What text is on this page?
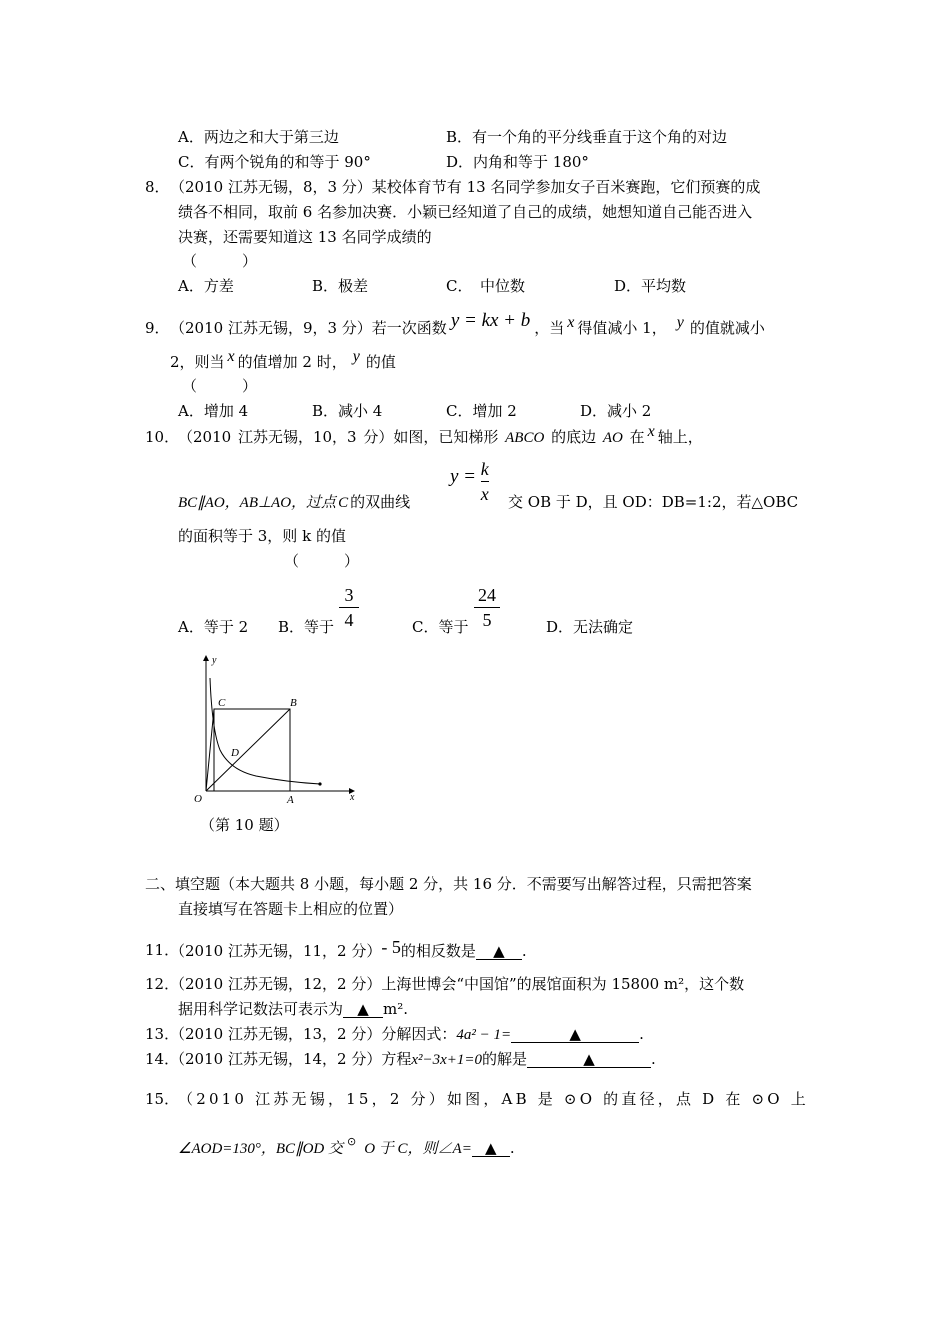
A．两边之和大于第三边	B．有一个角的平分线垂直于这个角的对边
C．有两个锐角的和等于 90°	D．内角和等于 180°
8． （2010 江苏无锡，8，3 分）某校体育节有 13 名同学参加女子百米赛跑，它们预赛的成
绩各不相同，取前 6 名参加决赛．小颖已经知道了自己的成绩，她想知道自己能否进入
决赛，还需要知道这 13 名同学成绩的
（　　　）
A．方差	B．极差	C．　中位数	D．平均数
9． （2010 江苏无锡，9，3 分）若一次函数 y = kx + b ，当 x 得值减小 1， y 的值就减小
2，则当 x 的值增加 2 时， y 的值
（　　　）
A．增加 4	B．减小 4	C．增加 2	D．减小 2
10．
（2010 江苏无锡，10，3 分）如图，已知梯形 ABCO 的底边 AO 在 x 轴上，
BC∥AO，AB⊥AO，过点 C 的双曲线
$y = \frac{k}{x}$ 交 OB 于 D，且 OD：DB=1:2，若△OBC
的面积等于 3，则 k 的值
（　　　）
A．等于 2 B．等于
3
4	C．等于
24
5	D．无法确定
y
x
O	A
B
C
D
（第 10 题）
二、填空题（本大题共 8 小题，每小题 2 分，共 16 分．不需要写出解答过程，只需把答案
直接填写在答题卡上相应的位置）
11．
（2010 江苏无锡，11，2 分）- 5的相反数是 ▲ .
12．
（2010 江苏无锡，12，2 分）上海世博会“中国馆”的展馆面积为 15800 m²，这个数
据用科学记数法可表示为 ▲ m².
13．
（2010 江苏无锡，13，2 分）分解因式：4a² − 1=	▲	.
14．
（2010 江苏无锡，14，2 分）方程x²−3x+1=0的解是	▲	.
15．
（2010 江苏无锡，15，2 分）如图，AB 是 ⊙O 的直径，点 D 在 ⊙O 上
∠AOD=130°，BC∥OD 交 ⊙ O 于 C，则∠A= ▲ .
